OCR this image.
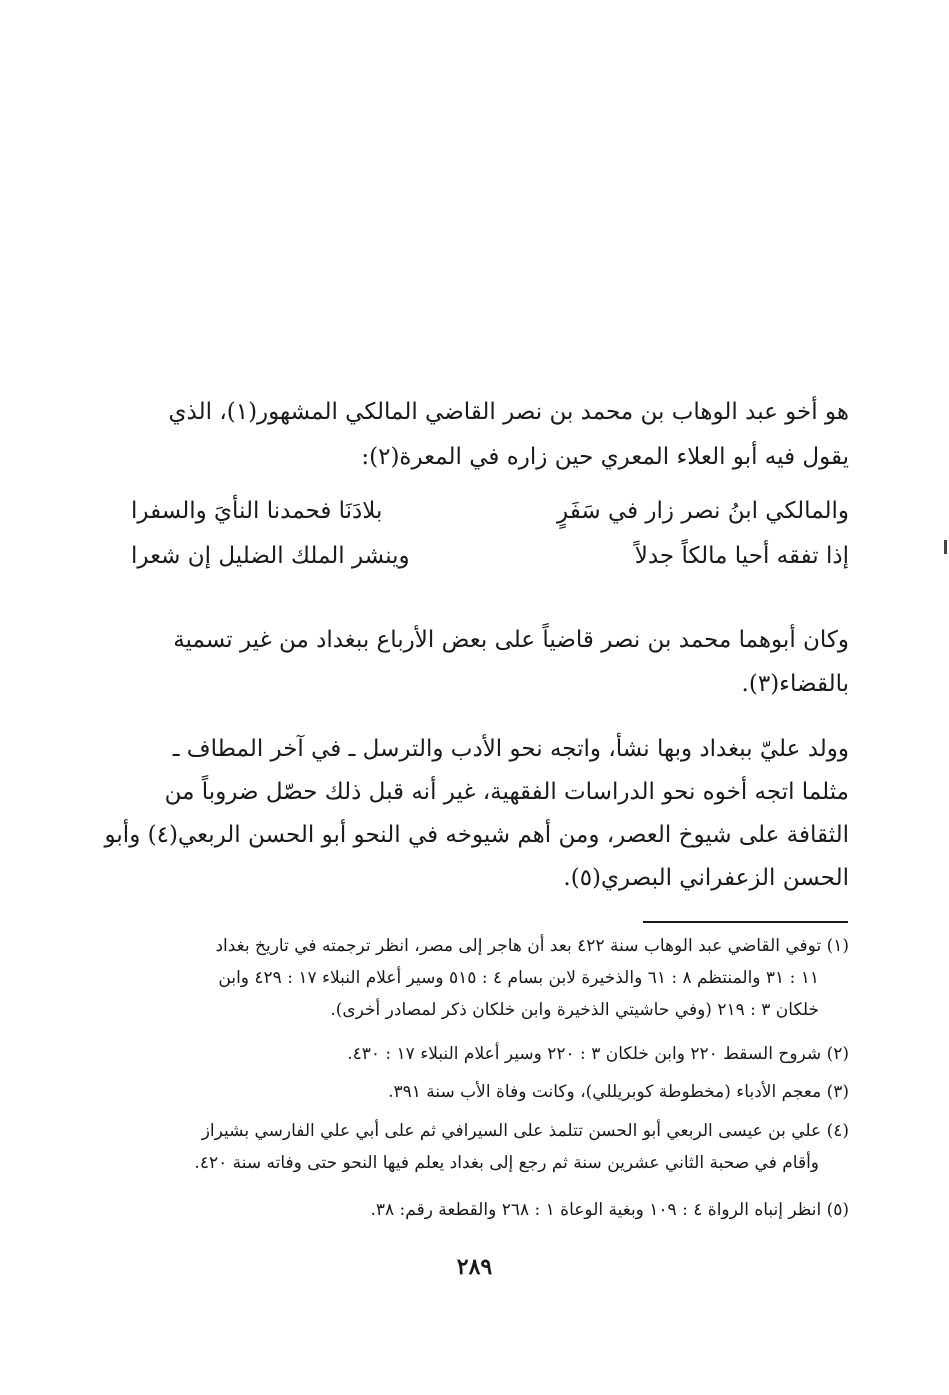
هو أخو عبد الوهاب بن محمد بن نصر القاضي المالكي المشهور(١)، الذي
يقول فيه أبو العلاء المعري حين زاره في المعرة(٢):
والمالكي ابنُ نصر زار في سَفَرٍ
بلادَنَا فحمدنا النأيَ والسفرا
إذا تفقه أحيا مالكاً جدلاً
وينشر الملك الضليل إن شعرا
وكان أبوهما محمد بن نصر قاضياً على بعض الأرباع ببغداد من غير تسمية
بالقضاء(٣).
وولد عليّ ببغداد وبها نشأ، واتجه نحو الأدب والترسل ـ في آخر المطاف ـ
مثلما اتجه أخوه نحو الدراسات الفقهية، غير أنه قبل ذلك حصّل ضروباً من
الثقافة على شيوخ العصر، ومن أهم شيوخه في النحو أبو الحسن الربعي(٤) وأبو
الحسن الزعفراني البصري(٥).
(١) توفي القاضي عبد الوهاب سنة ٤٢٢ بعد أن هاجر إلى مصر، انظر ترجمته في تاريخ بغداد
١١ : ٣١ والمنتظم ٨ : ٦١ والذخيرة لابن بسام ٤ : ٥١٥ وسير أعلام النبلاء ١٧ : ٤٢٩ وابن
خلكان ٣ : ٢١٩ (وفي حاشيتي الذخيرة وابن خلكان ذكر لمصادر أخرى).
(٢) شروح السقط ٢٢٠ وابن خلكان ٣ : ٢٢٠ وسير أعلام النبلاء ١٧ : ٤٣٠.
(٣) معجم الأدباء (مخطوطة كوبريللي)، وكانت وفاة الأب سنة ٣٩١.
(٤) علي بن عيسى الربعي أبو الحسن تتلمذ على السيرافي ثم على أبي علي الفارسي بشيراز
وأقام في صحبة الثاني عشرين سنة ثم رجع إلى بغداد يعلم فيها النحو حتى وفاته سنة ٤٢٠.
(٥) انظر إنباه الرواة ٤ : ١٠٩ وبغية الوعاة ١ : ٢٦٨ والقطعة رقم: ٣٨.
٢٨٩
